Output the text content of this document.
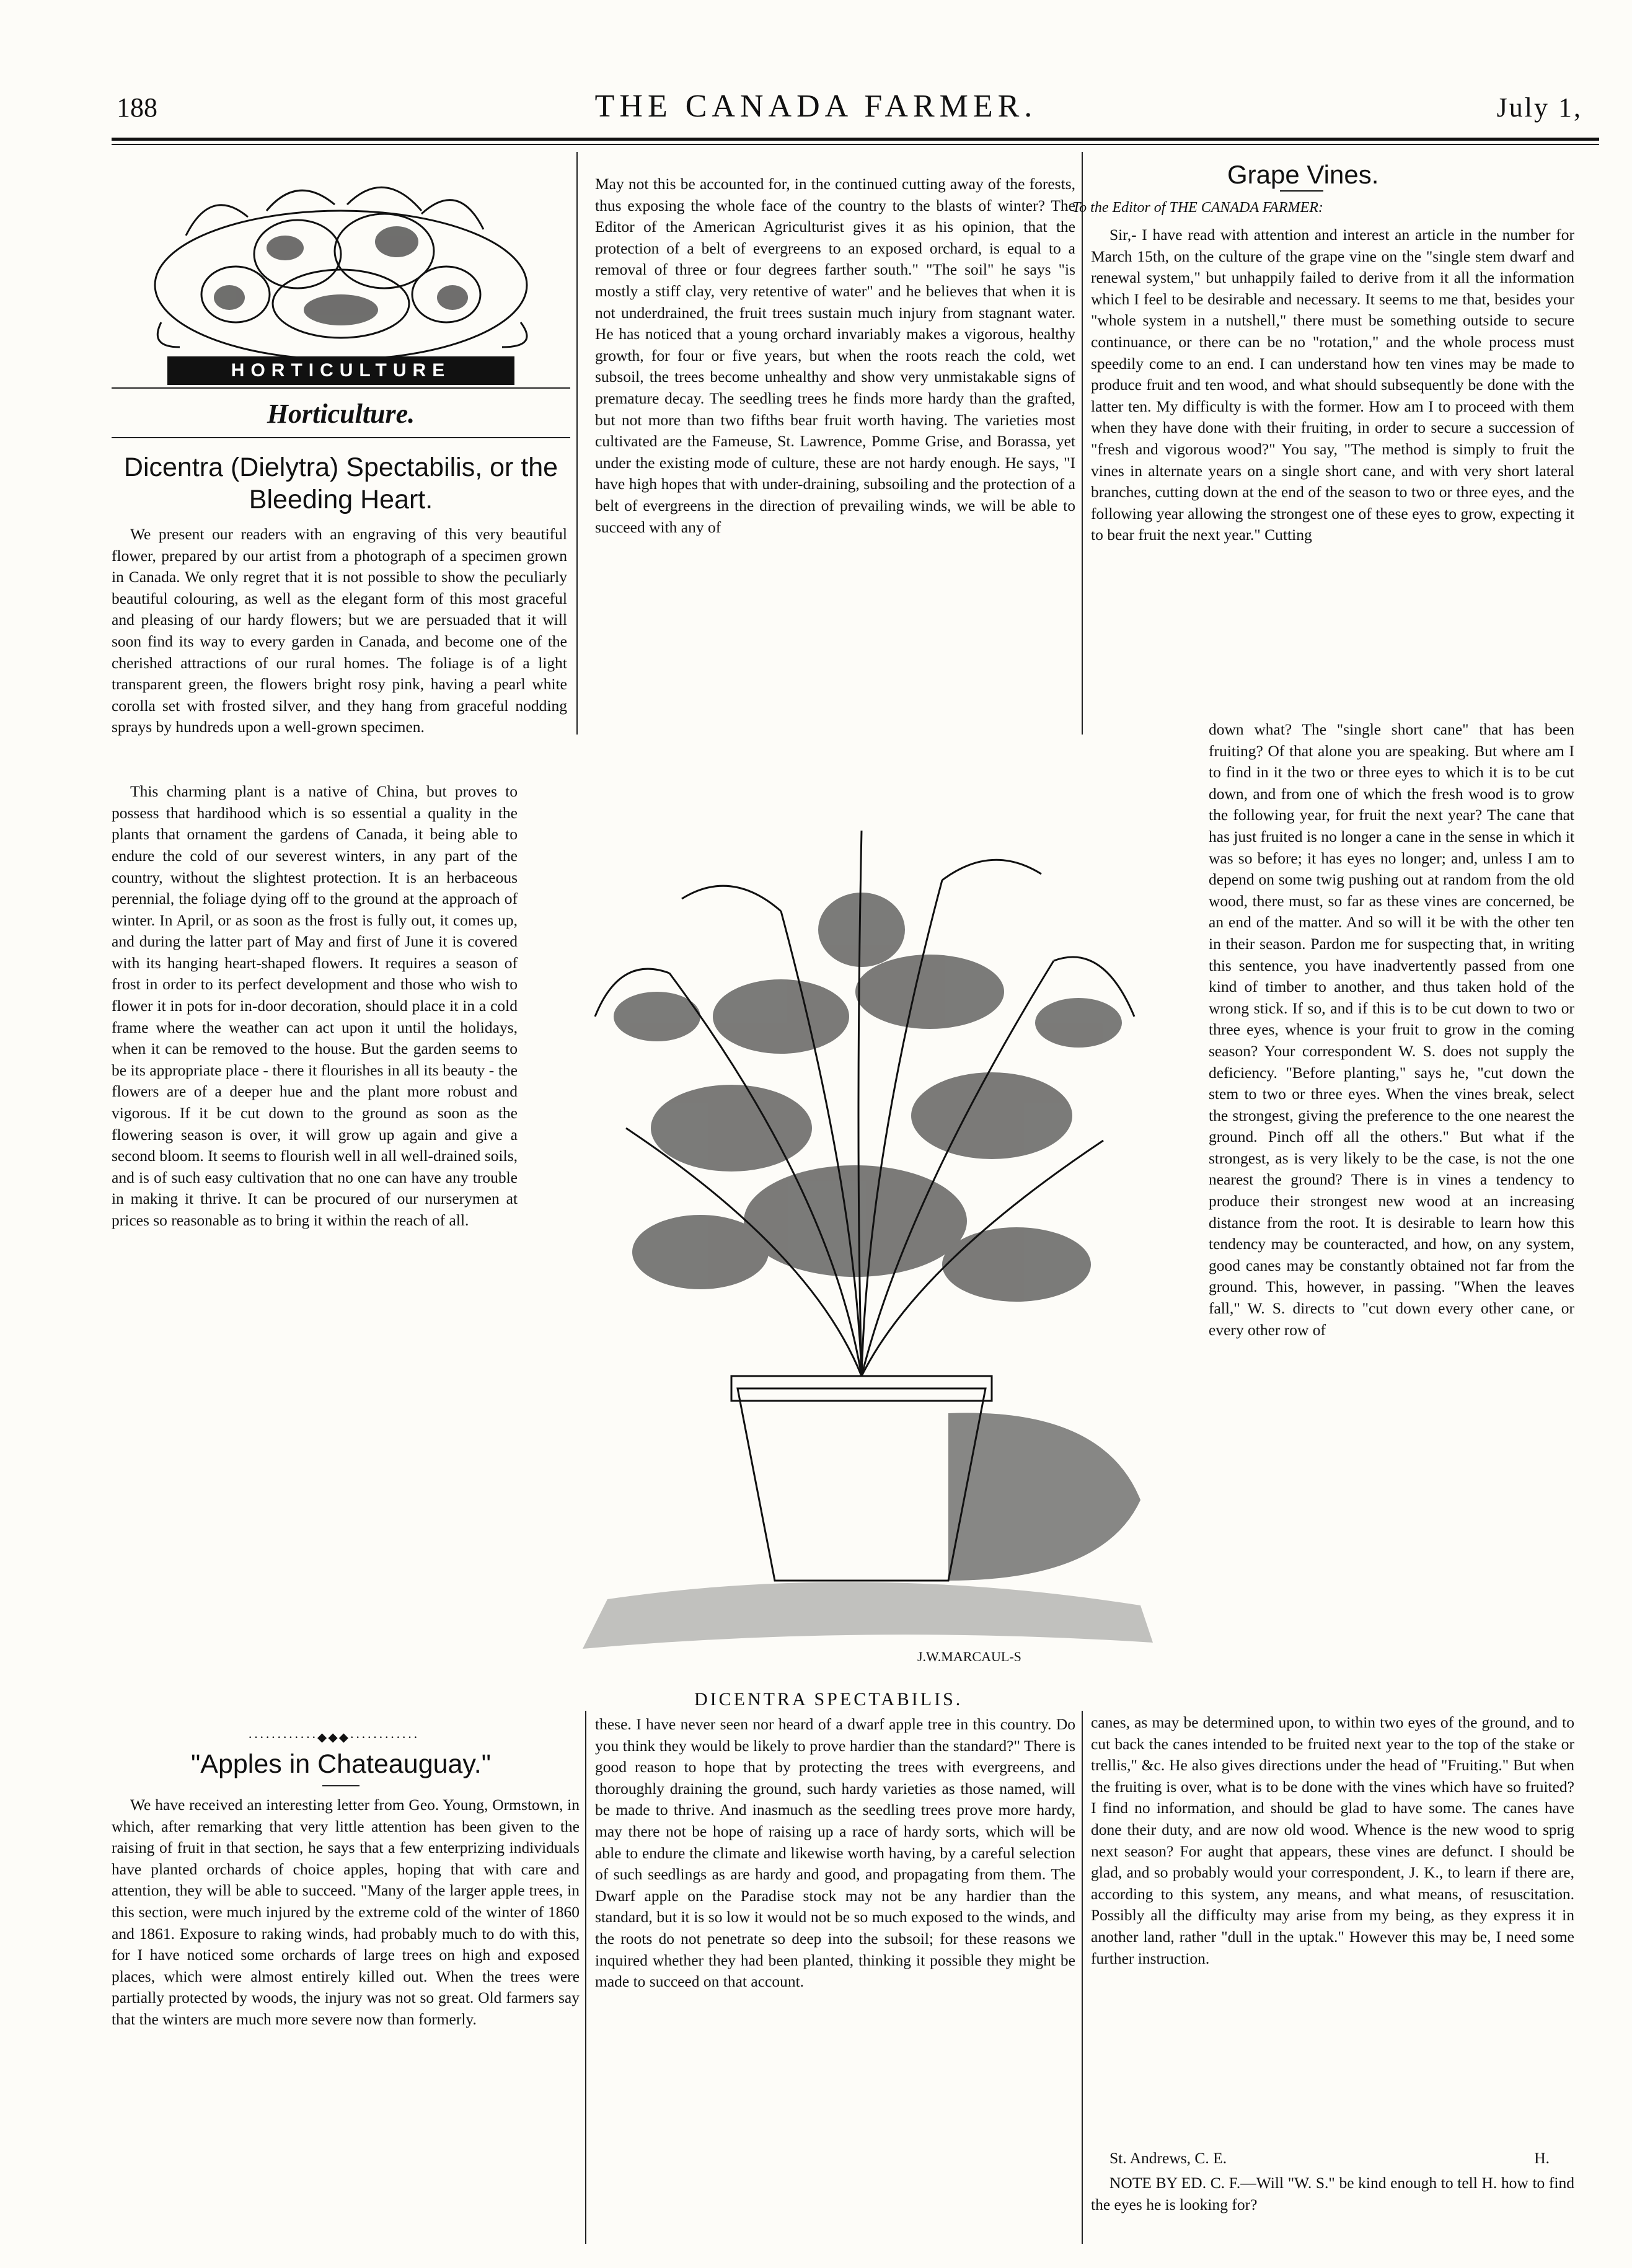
188	THE CANADA FARMER.	July 1,
HORTICULTURE
Horticulture.
Dicentra (Dielytra) Spectabilis, or the
Bleeding Heart.

We present our readers with an engraving of this very beautiful flower, prepared by our artist from a photograph of a specimen grown in Canada. We only regret that it is not possible to show the peculiarly beautiful colouring, as well as the elegant form of this most graceful and pleasing of our hardy flowers; but we are persuaded that it will soon find its way to every garden in Canada, and become one of the cherished attractions of our rural homes. The foliage is of a light transparent green, the flowers bright rosy pink, having a pearl white corolla set with frosted silver, and they hang from graceful nodding sprays by hundreds upon a well-grown specimen.

This charming plant is a native of China, but proves to possess that hardihood which is so essential a quality in the plants that ornament the gardens of Canada, it being able to endure the cold of our severest winters, in any part of the country, without the slightest protection. It is an herbaceous perennial, the foliage dying off to the ground at the approach of winter. In April, or as soon as the frost is fully out, it comes up, and during the latter part of May and first of June it is covered with its hanging heart-shaped flowers. It requires a season of frost in order to its perfect development and those who wish to flower it in pots for in-door decoration, should place it in a cold frame where the weather can act upon it until the holidays, when it can be removed to the house. But the garden seems to be its appropriate place - there it flourishes in all its beauty - the flowers are of a deeper hue and the plant more robust and vigorous. If it be cut down to the ground as soon as the flowering season is over, it will grow up again and give a second bloom. It seems to flourish well in all well-drained soils, and is of such easy cultivation that no one can have any trouble in making it thrive. It can be procured of our nurserymen at prices so reasonable as to bring it within the reach of all.

May not this be accounted for, in the continued cutting away of the forests, thus exposing the whole face of the country to the blasts of winter? The Editor of the American Agriculturist gives it as his opinion, that the protection of a belt of evergreens to an exposed orchard, is equal to a removal of three or four degrees farther south." "The soil" he says "is mostly a stiff clay, very retentive of water" and he believes that when it is not underdrained, the fruit trees sustain much injury from stagnant water. He has noticed that a young orchard invariably makes a vigorous, healthy growth, for four or five years, but when the roots reach the cold, wet subsoil, the trees become unhealthy and show very unmistakable signs of premature decay. The seedling trees he finds more hardy than the grafted, but not more than two fifths bear fruit worth having. The varieties most cultivated are the Fameuse, St. Lawrence, Pomme Grise, and Borassa, yet under the existing mode of culture, these are not hardy enough. He says, "I have high hopes that with under-draining, subsoiling and the protection of a belt of evergreens in the direction of prevailing winds, we will be able to succeed with any of

J.W.MARCAUL-S
DICENTRA SPECTABILIS.
············⬥⬥⬥············
"Apples in Chateauguay."

We have received an interesting letter from Geo. Young, Ormstown, in which, after remarking that very little attention has been given to the raising of fruit in that section, he says that a few enterprizing individuals have planted orchards of choice apples, hoping that with care and attention, they will be able to succeed. "Many of the larger apple trees, in this section, were much injured by the extreme cold of the winter of 1860 and 1861. Exposure to raking winds, had probably much to do with this, for I have noticed some orchards of large trees on high and exposed places, which were almost entirely killed out. When the trees were partially protected by woods, the injury was not so great. Old farmers say that the winters are much more severe now than formerly.

these. I have never seen nor heard of a dwarf apple tree in this country. Do you think they would be likely to prove hardier than the standard?" There is good reason to hope that by protecting the trees with evergreens, and thoroughly draining the ground, such hardy varieties as those named, will be made to thrive. And inasmuch as the seedling trees prove more hardy, may there not be hope of raising up a race of hardy sorts, which will be able to endure the climate and likewise worth having, by a careful selection of such seedlings as are hardy and good, and propagating from them. The Dwarf apple on the Paradise stock may not be any hardier than the standard, but it is so low it would not be so much exposed to the winds, and the roots do not penetrate so deep into the subsoil; for these reasons we inquired whether they had been planted, thinking it possible they might be made to succeed on that account.

Grape Vines.
To the Editor of THE CANADA FARMER:

Sir,- I have read with attention and interest an article in the number for March 15th, on the culture of the grape vine on the "single stem dwarf and renewal system," but unhappily failed to derive from it all the information which I feel to be desirable and necessary. It seems to me that, besides your "whole system in a nutshell," there must be something outside to secure continuance, or there can be no "rotation," and the whole process must speedily come to an end. I can understand how ten vines may be made to produce fruit and ten wood, and what should subsequently be done with the latter ten. My difficulty is with the former. How am I to proceed with them when they have done with their fruiting, in order to secure a succession of "fresh and vigorous wood?" You say, "The method is simply to fruit the vines in alternate years on a single short cane, and with very short lateral branches, cutting down at the end of the season to two or three eyes, and the following year allowing the strongest one of these eyes to grow, expecting it to bear fruit the next year." Cutting

down what? The "single short cane" that has been fruiting? Of that alone you are speaking. But where am I to find in it the two or three eyes to which it is to be cut down, and from one of which the fresh wood is to grow the following year, for fruit the next year? The cane that has just fruited is no longer a cane in the sense in which it was so before; it has eyes no longer; and, unless I am to depend on some twig pushing out at random from the old wood, there must, so far as these vines are concerned, be an end of the matter. And so will it be with the other ten in their season. Pardon me for suspecting that, in writing this sentence, you have inadvertently passed from one kind of timber to another, and thus taken hold of the wrong stick. If so, and if this is to be cut down to two or three eyes, whence is your fruit to grow in the coming season? Your correspondent W. S. does not supply the deficiency. "Before planting," says he, "cut down the stem to two or three eyes. When the vines break, select the strongest, giving the preference to the one nearest the ground. Pinch off all the others." But what if the strongest, as is very likely to be the case, is not the one nearest the ground? There is in vines a tendency to produce their strongest new wood at an increasing distance from the root. It is desirable to learn how this tendency may be counteracted, and how, on any system, good canes may be constantly obtained not far from the ground. This, however, in passing. "When the leaves fall," W. S. directs to "cut down every other cane, or every other row of

canes, as may be determined upon, to within two eyes of the ground, and to cut back the canes intended to be fruited next year to the top of the stake or trellis," &c. He also gives directions under the head of "Fruiting." But when the fruiting is over, what is to be done with the vines which have so fruited? I find no information, and should be glad to have some. The canes have done their duty, and are now old wood. Whence is the new wood to sprig next season? For aught that appears, these vines are defunct. I should be glad, and so probably would your correspondent, J. K., to learn if there are, according to this system, any means, and what means, of resuscitation. Possibly all the difficulty may arise from my being, as they express it in another land, rather "dull in the uptak." However this may be, I need some further instruction.

St. Andrews, C. E.	H.

NOTE BY ED. C. F.—Will "W. S." be kind enough to tell H. how to find the eyes he is looking for?
